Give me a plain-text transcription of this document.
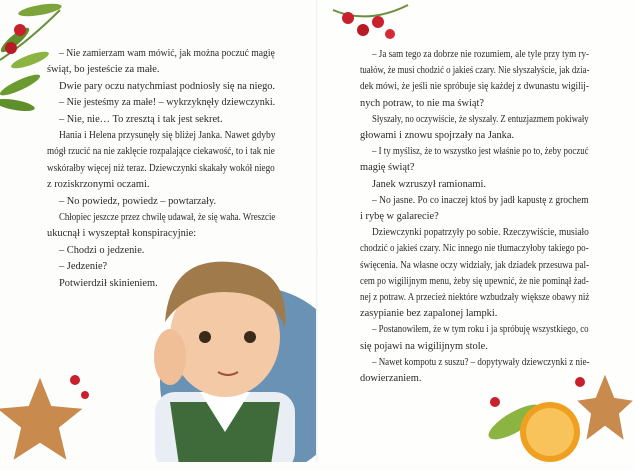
– Nie zamierzam wam mówić, jak można poczuć magię
świąt, bo jesteście za małe.
Dwie pary oczu natychmiast podniosły się na niego.
– Nie jesteśmy za małe! – wykrzyknęły dziewczynki.
– Nie, nie… To zresztą i tak jest sekret.
Hania i Helena przysunęły się bliżej Janka. Nawet gdyby
mógł rzucić na nie zaklęcie rozpalające ciekawość, to i tak nie
wskórałby więcej niż teraz. Dziewczynki skakały wokół niego
z roziskrzonymi oczami.
– No powiedz, powiedz – powtarzały.
Chłopiec jeszcze przez chwilę udawał, że się waha. Wreszcie
ukucnął i wyszeptał konspiracyjnie:
– Chodzi o jedzenie.
– Jedzenie?
Potwierdził skinieniem.
– Ja sam tego za dobrze nie rozumiem, ale tyle przy tym ry-
tuałów, że musi chodzić o jakieś czary. Nie słyszałyście, jak dzia-
dek mówi, że jeśli nie spróbuje się każdej z dwunastu wigilij-
nych potraw, to nie ma świąt?
Słyszały, no oczywiście, że słyszały. Z entuzjazmem pokiwały
głowami i znowu spojrzały na Janka.
– I ty myślisz, że to wszystko jest właśnie po to, żeby poczuć
magię świąt?
Janek wzruszył ramionami.
– No jasne. Po co inaczej ktoś by jadł kapustę z grochem
i rybę w galarecie?
Dziewczynki popatrzyły po sobie. Rzeczywiście, musiało
chodzić o jakieś czary. Nic innego nie tłumaczyłoby takiego po-
święcenia. Na własne oczy widziały, jak dziadek przesuwa pal-
cem po wigilijnym menu, żeby się upewnić, że nie pominął żad-
nej z potraw. A przecież niektóre wzbudzały większe obawy niż
zasypianie bez zapalonej lampki.
– Postanowiłem, że w tym roku i ja spróbuję wszystkiego, co
się pojawi na wigilijnym stole.
– Nawet kompotu z suszu? – dopytywały dziewczynki z nie-
dowierzaniem.
